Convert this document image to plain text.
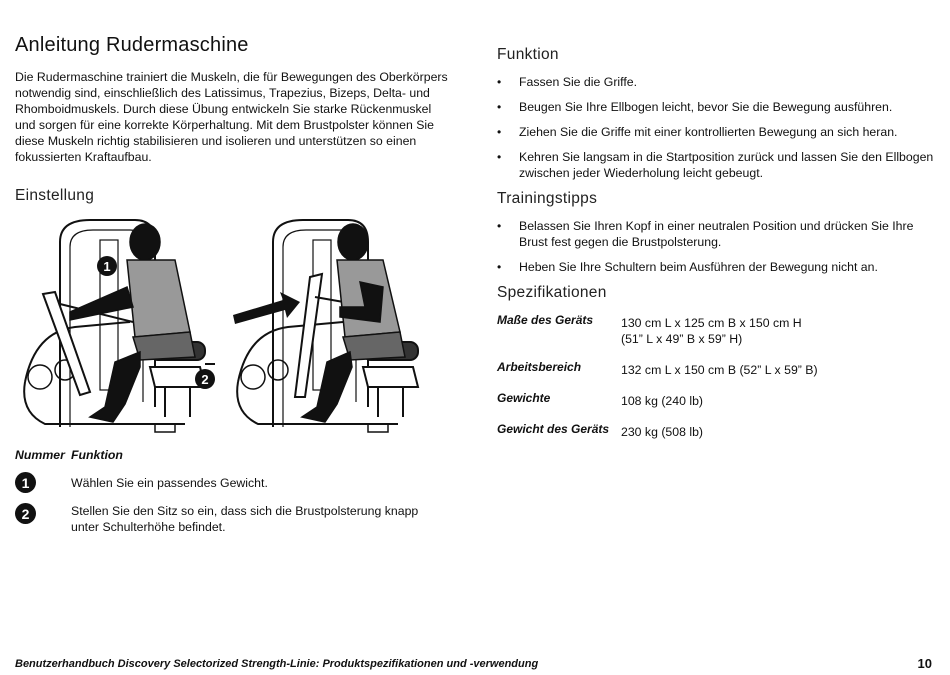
Anleitung Rudermaschine

Die Rudermaschine trainiert die Muskeln, die für Bewegungen des Oberkörpers notwendig sind, einschließlich des Latissimus, Trapezius, Bizeps, Delta- und Rhomboidmuskels. Durch diese Übung entwickeln Sie starke Rückenmuskel und sorgen für eine korrekte Körperhaltung. Mit dem Brustpolster können Sie diese Muskeln richtig stabilisieren und isolieren und unterstützen so einen fokussierten Kraftaufbau.

Einstellung
1
2
Nummer Funktion
1	Wählen Sie ein passendes Gewicht.
2	Stellen Sie den Sitz so ein, dass sich die Brustpolsterung knapp unter Schulterhöhe befindet.
Funktion
• Fassen Sie die Griffe.
• Beugen Sie Ihre Ellbogen leicht, bevor Sie die Bewegung ausführen.
• Ziehen Sie die Griffe mit einer kontrollierten Bewegung an sich heran.
• Kehren Sie langsam in die Startposition zurück und lassen Sie den Ellbogen zwischen jeder Wiederholung leicht gebeugt.
Trainingstipps
• Belassen Sie Ihren Kopf in einer neutralen Position und drücken Sie Ihre Brust fest gegen die Brustpolsterung.
• Heben Sie Ihre Schultern beim Ausführen der Bewegung nicht an.
Spezifikationen
Maße des Geräts	130 cm L x 125 cm B x 150 cm H
(51” L x 49” B x 59” H)
Arbeitsbereich	132 cm L x 150 cm B (52” L x 59” B)
Gewichte	108 kg (240 lb)
Gewicht des Geräts 230 kg (508 lb)
Benutzerhandbuch Discovery Selectorized Strength-Linie: Produktspezifikationen und -verwendung	10
